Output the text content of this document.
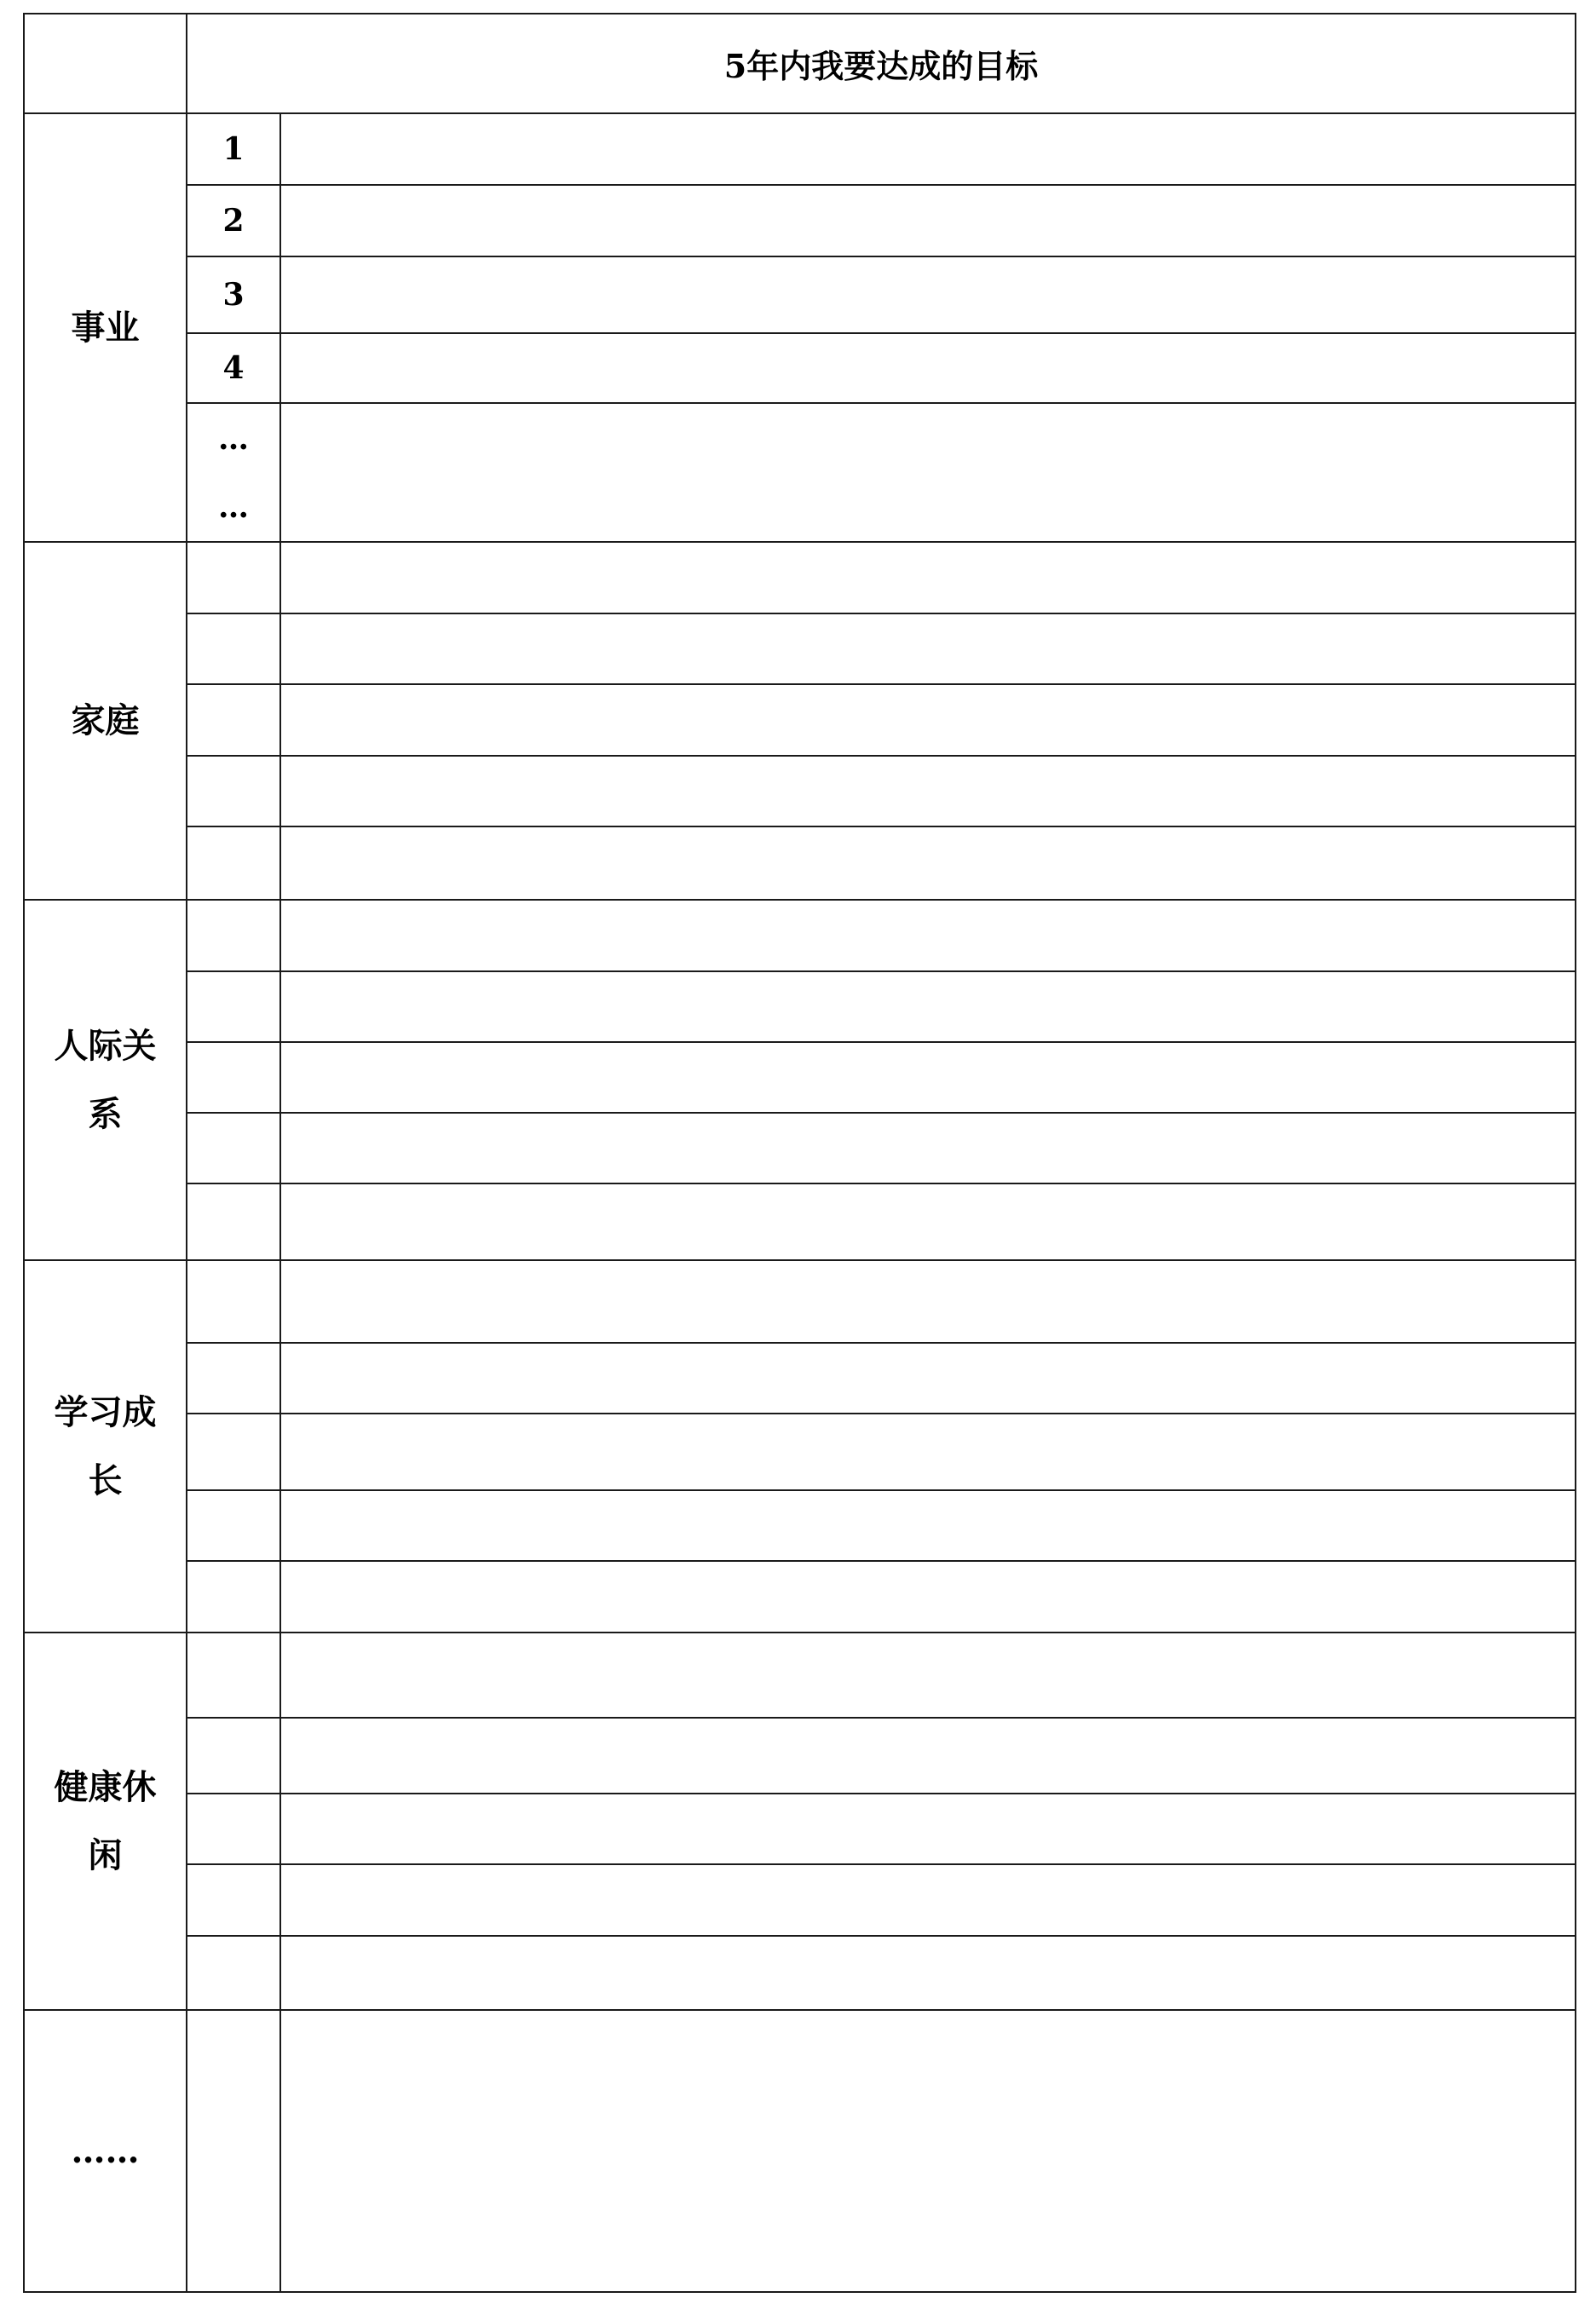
	5年内我要达成的目标	
事业	1	
	2	
	3	
	4	

	…
…	

家庭		

人际关系		

学习成长		

健康休闲		

……		
